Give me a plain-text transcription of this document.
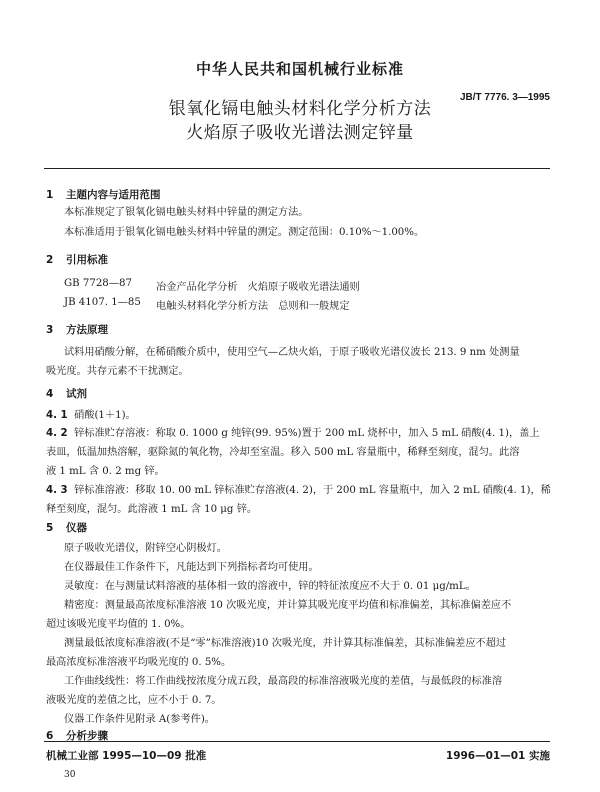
中华人民共和国机械行业标准
JB/T 7776. 3—1995
银氧化镉电触头材料化学分析方法
火焰原子吸收光谱法测定锌量
1 主题内容与适用范围
本标准规定了银氧化镉电触头材料中锌量的测定方法。
本标准适用于银氧化镉电触头材料中锌量的测定。测定范围：0.10%～1.00%。
2 引用标准
GB 7728—87 冶金产品化学分析　火焰原子吸收光谱法通则
JB 4107. 1—85 电触头材料化学分析方法　总则和一般规定
3 方法原理
试料用硝酸分解，在稀硝酸介质中，使用空气—乙炔火焰，于原子吸收光谱仪波长 213. 9 nm 处测量
吸光度。共存元素不干扰测定。
4 试剂
4. 1 硝酸(1＋1)。
4. 2 锌标准贮存溶液：称取 0. 1000 g 纯锌(99. 95%)置于 200 mL 烧杯中，加入 5 mL 硝酸(4. 1)，盖上
表皿，低温加热溶解，驱除氮的氧化物，冷却至室温。移入 500 mL 容量瓶中，稀释至刻度，混匀。此溶
液 1 mL 含 0. 2 mg 锌。
4. 3 锌标准溶液：移取 10. 00 mL 锌标准贮存溶液(4. 2)，于 200 mL 容量瓶中，加入 2 mL 硝酸(4. 1)，稀
释至刻度，混匀。此溶液 1 mL 含 10 μg 锌。
5 仪器
原子吸收光谱仪，附锌空心阴极灯。
在仪器最佳工作条件下，凡能达到下列指标者均可使用。
灵敏度：在与测量试料溶液的基体相一致的溶液中，锌的特征浓度应不大于 0. 01 μg/mL。
精密度：测量最高浓度标准溶液 10 次吸光度，并计算其吸光度平均值和标准偏差，其标准偏差应不
超过该吸光度平均值的 1. 0%。
测量最低浓度标准溶液(不是“零”标准溶液)10 次吸光度，并计算其标准偏差，其标准偏差应不超过
最高浓度标准溶液平均吸光度的 0. 5%。
工作曲线线性：将工作曲线按浓度分成五段，最高段的标准溶液吸光度的差值，与最低段的标准溶
液吸光度的差值之比，应不小于 0. 7。
仪器工作条件见附录 A(参考件)。
6 分析步骤
机械工业部 1995—10—09 批准	1996—01—01 实施
30
